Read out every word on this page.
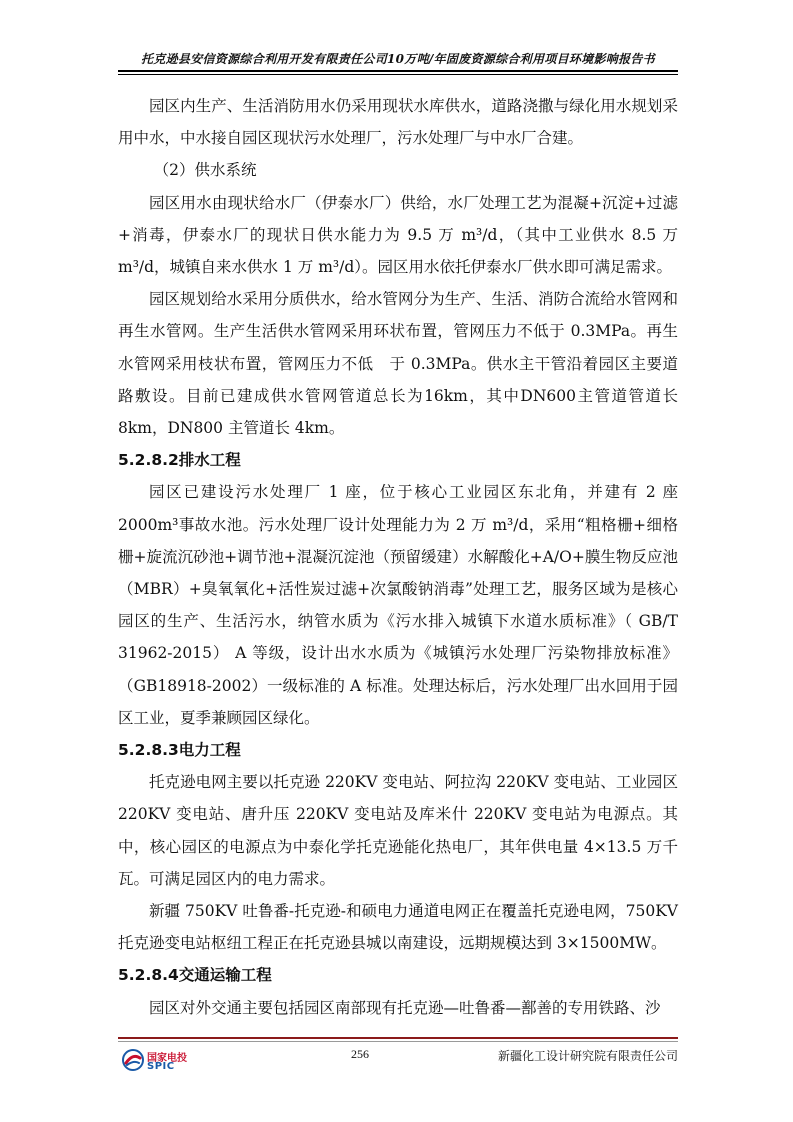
托克逊县安信资源综合利用开发有限责任公司10万吨/年固废资源综合利用项目环境影响报告书

园区内生产、生活消防用水仍采用现状水库供水，道路浇撒与绿化用水规划采用中水，中水接自园区现状污水处理厂，污水处理厂与中水厂合建。

（2）供水系统

园区用水由现状给水厂（伊泰水厂）供给，水厂处理工艺为混凝+沉淀+过滤+消毒，伊泰水厂的现状日供水能力为 9.5 万 m³/d，（其中工业供水 8.5 万 m³/d，城镇自来水供水 1 万 m³/d）。园区用水依托伊泰水厂供水即可满足需求。

园区规划给水采用分质供水，给水管网分为生产、生活、消防合流给水管网和再生水管网。生产生活供水管网采用环状布置，管网压力不低于 0.3MPa。再生水管网采用枝状布置，管网压力不低　于 0.3MPa。供水主干管沿着园区主要道路敷设。目前已建成供水管网管道总长为16km，其中DN600主管道管道长 8km，DN800 主管道长 4km。

5.2.8.2排水工程

园区已建设污水处理厂 1 座，位于核心工业园区东北角，并建有 2 座 2000m³事故水池。污水处理厂设计处理能力为 2 万 m³/d，采用“粗格栅+细格栅+旋流沉砂池+调节池+混凝沉淀池（预留缓建）水解酸化+A/O+膜生物反应池（MBR）+臭氧氧化+活性炭过滤+次氯酸钠消毒”处理工艺，服务区域为是核心园区的生产、生活污水，纳管水质为《污水排入城镇下水道水质标准》（ GB/T 31962-2015） A 等级，设计出水水质为《城镇污水处理厂污染物排放标准》（GB18918-2002）一级标准的 A 标准。处理达标后，污水处理厂出水回用于园区工业，夏季兼顾园区绿化。

5.2.8.3电力工程

托克逊电网主要以托克逊 220KV 变电站、阿拉沟 220KV 变电站、工业园区 220KV 变电站、唐升压 220KV 变电站及库米什 220KV 变电站为电源点。其中，核心园区的电源点为中泰化学托克逊能化热电厂，其年供电量 4×13.5 万千瓦。可满足园区内的电力需求。

新疆 750KV 吐鲁番-托克逊-和硕电力通道电网正在覆盖托克逊电网，750KV托克逊变电站枢纽工程正在托克逊县城以南建设，远期规模达到 3×1500MW。

5.2.8.4交通运输工程

园区对外交通主要包括园区南部现有托克逊—吐鲁番—鄯善的专用铁路、沙

国家电投
SPIC
256	新疆化工设计研究院有限责任公司
